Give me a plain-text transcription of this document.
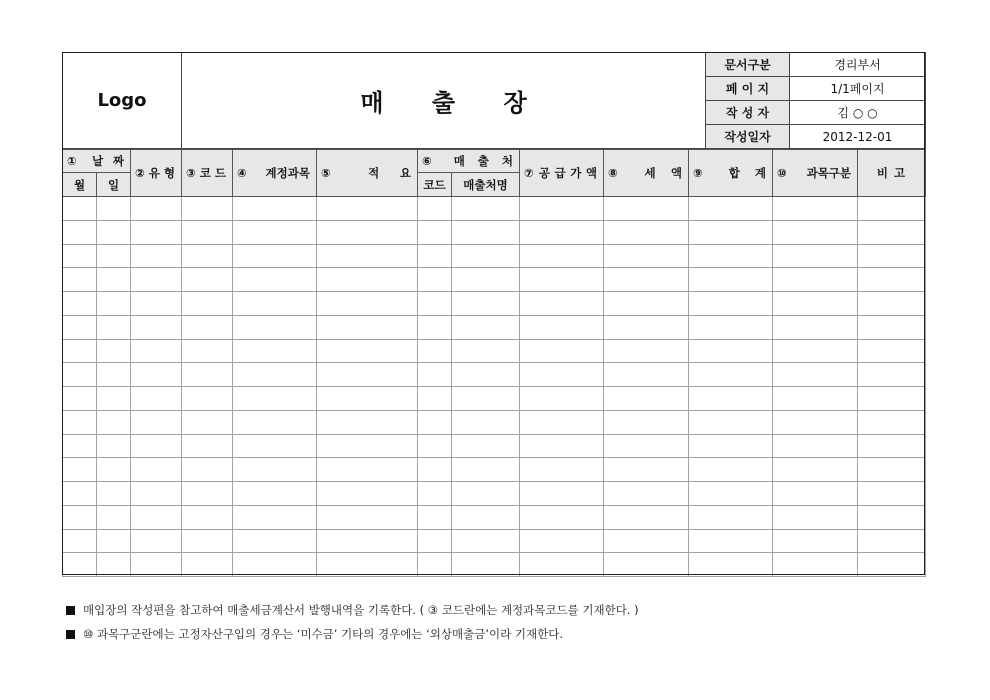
Logo	매 출 장	문서구분	경리부서
		페 이 지	1/1페이지
		작 성 자	김 ○ ○
		작성일자	2012-12-01
① 날 짜		② 유 형	③ 코 드	④ 계정과목	⑤ 적 요	⑥ 매 출 처		⑦ 공 급 가 액	⑧ 세 액	⑨ 합 계	⑩ 과목구분	비 고
월	일					코드	매출처명					

매입장의 작성편을 참고하여 매출세금계산서 발행내역을 기록한다. ( ③ 코드란에는 계정과목코드를 기재한다. )
⑩ 과목구군란에는 고정자산구입의 경우는 ‘미수금’ 기타의 경우에는 ‘외상매출금’이라 기재한다.
